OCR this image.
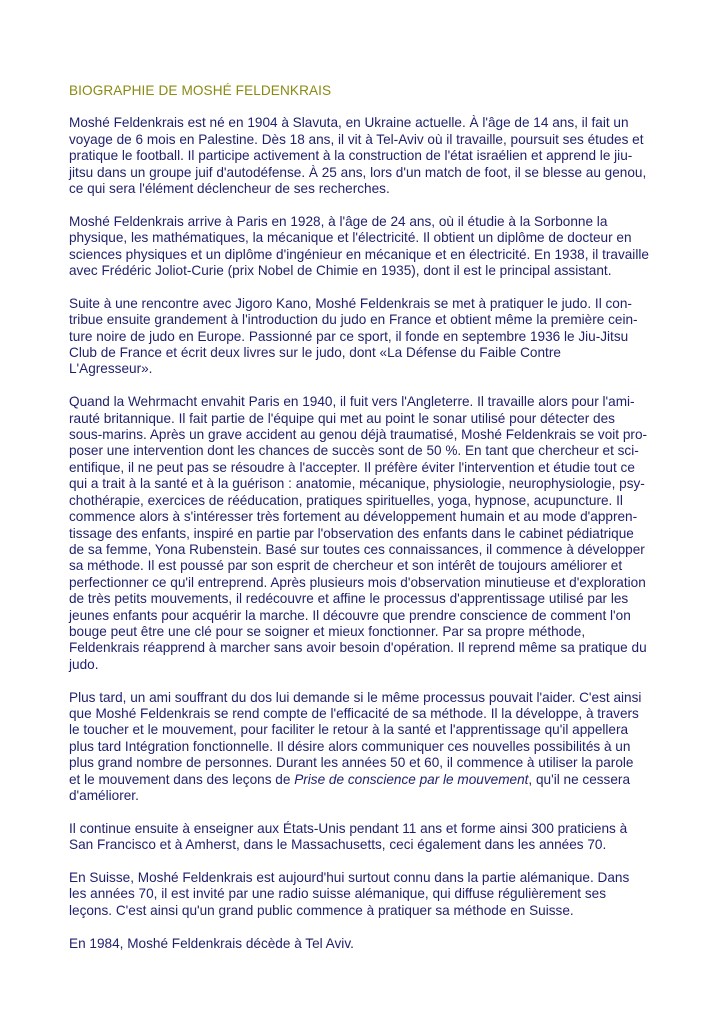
BIOGRAPHIE DE MOSHÉ FELDENKRAIS

Moshé Feldenkrais est né en 1904 à Slavuta, en Ukraine actuelle. À l'âge de 14 ans, il fait un
voyage de 6 mois en Palestine. Dès 18 ans, il vit à Tel-Aviv où il travaille, poursuit ses études et
pratique le football. Il participe activement à la construction de l'état israélien et apprend le jiu-
jitsu dans un groupe juif d'autodéfense. À 25 ans, lors d'un match de foot, il se blesse au genou,
ce qui sera l'élément déclencheur de ses recherches.

Moshé Feldenkrais arrive à Paris en 1928, à l'âge de 24 ans, où il étudie à la Sorbonne la
physique, les mathématiques, la mécanique et l'électricité. Il obtient un diplôme de docteur en
sciences physiques et un diplôme d'ingénieur en mécanique et en électricité. En 1938, il travaille
avec Frédéric Joliot-Curie (prix Nobel de Chimie en 1935), dont il est le principal assistant.

Suite à une rencontre avec Jigoro Kano, Moshé Feldenkrais se met à pratiquer le judo. Il con-
tribue ensuite grandement à l'introduction du judo en France et obtient même la première cein-
ture noire de judo en Europe. Passionné par ce sport, il fonde en septembre 1936 le Jiu-Jitsu
Club de France et écrit deux livres sur le judo, dont «La Défense du Faible Contre
L'Agresseur».

Quand la Wehrmacht envahit Paris en 1940, il fuit vers l'Angleterre. Il travaille alors pour l'ami-
rauté britannique. Il fait partie de l'équipe qui met au point le sonar utilisé pour détecter des
sous-marins. Après un grave accident au genou déjà traumatisé, Moshé Feldenkrais se voit pro-
poser une intervention dont les chances de succès sont de 50 %. En tant que chercheur et sci-
entifique, il ne peut pas se résoudre à l'accepter. Il préfère éviter l'intervention et étudie tout ce
qui a trait à la santé et à la guérison : anatomie, mécanique, physiologie, neurophysiologie, psy-
chothérapie, exercices de rééducation, pratiques spirituelles, yoga, hypnose, acupuncture. Il
commence alors à s'intéresser très fortement au développement humain et au mode d'appren-
tissage des enfants, inspiré en partie par l'observation des enfants dans le cabinet pédiatrique
de sa femme, Yona Rubenstein. Basé sur toutes ces connaissances, il commence à développer
sa méthode. Il est poussé par son esprit de chercheur et son intérêt de toujours améliorer et
perfectionner ce qu'il entreprend. Après plusieurs mois d'observation minutieuse et d'exploration
de très petits mouvements, il redécouvre et affine le processus d'apprentissage utilisé par les
jeunes enfants pour acquérir la marche. Il découvre que prendre conscience de comment l'on
bouge peut être une clé pour se soigner et mieux fonctionner. Par sa propre méthode,
Feldenkrais réapprend à marcher sans avoir besoin d'opération. Il reprend même sa pratique du
judo.

Plus tard, un ami souffrant du dos lui demande si le même processus pouvait l'aider. C'est ainsi
que Moshé Feldenkrais se rend compte de l'efficacité de sa méthode. Il la développe, à travers
le toucher et le mouvement, pour faciliter le retour à la santé et l'apprentissage qu'il appellera
plus tard Intégration fonctionnelle. Il désire alors communiquer ces nouvelles possibilités à un
plus grand nombre de personnes. Durant les années 50 et 60, il commence à utiliser la parole
et le mouvement dans des leçons de Prise de conscience par le mouvement, qu'il ne cessera
d'améliorer.

Il continue ensuite à enseigner aux États-Unis pendant 11 ans et forme ainsi 300 praticiens à
San Francisco et à Amherst, dans le Massachusetts, ceci également dans les années 70.

En Suisse, Moshé Feldenkrais est aujourd'hui surtout connu dans la partie alémanique. Dans
les années 70, il est invité par une radio suisse alémanique, qui diffuse régulièrement ses
leçons. C'est ainsi qu'un grand public commence à pratiquer sa méthode en Suisse.

En 1984, Moshé Feldenkrais décède à Tel Aviv.
